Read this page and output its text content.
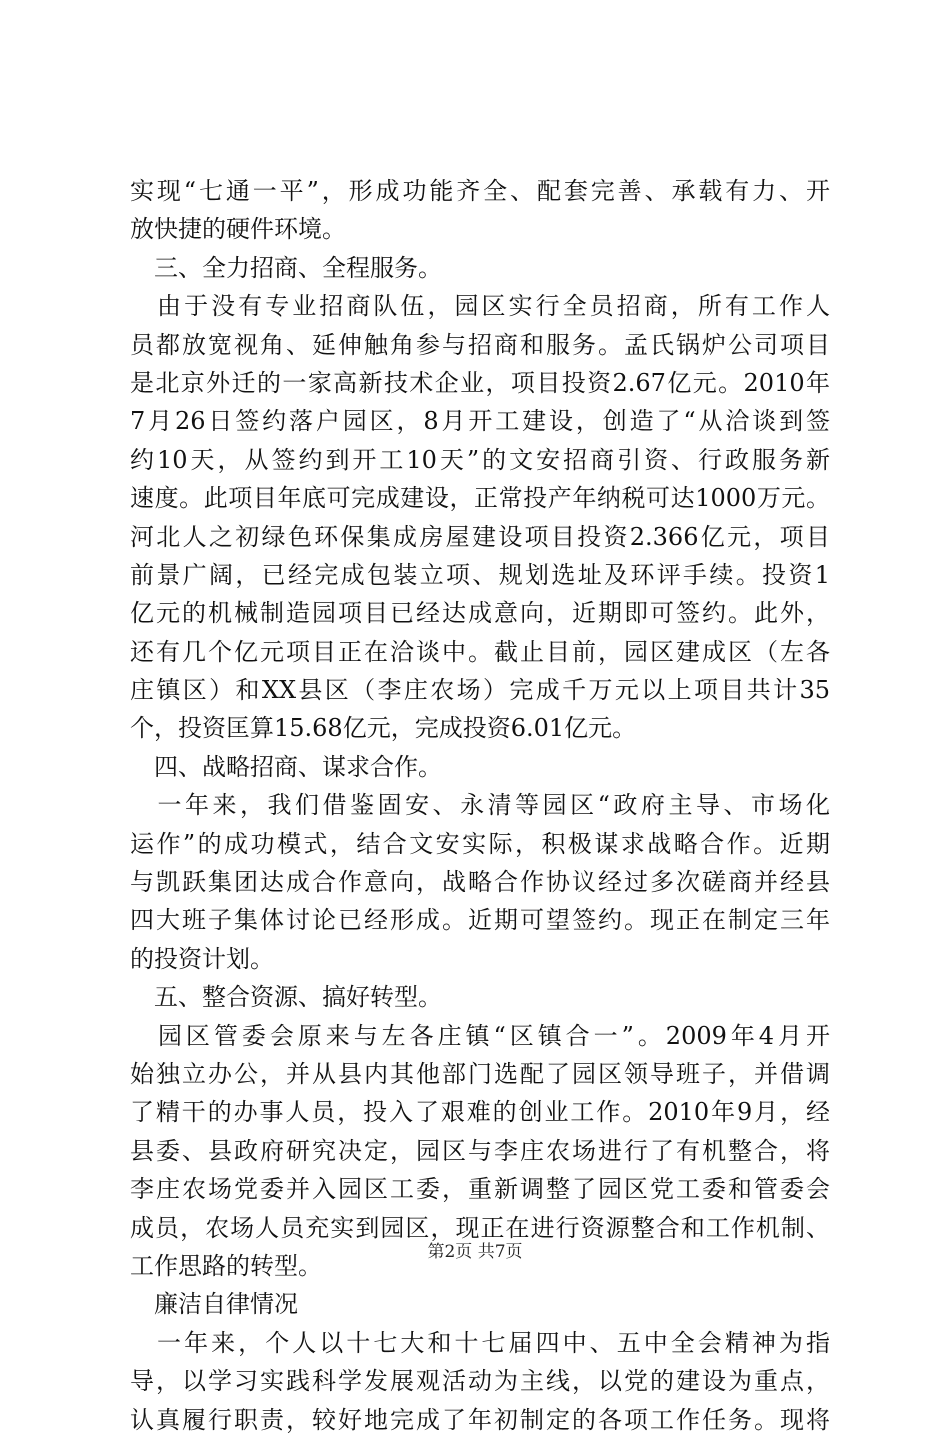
实现“七通一平”，形成功能齐全、配套完善、承载有力、开
放快捷的硬件环境。
　三、全力招商、全程服务。
　由于没有专业招商队伍，园区实行全员招商，所有工作人
员都放宽视角、延伸触角参与招商和服务。孟氏锅炉公司项目
是北京外迁的一家高新技术企业，项目投资2.67亿元。2010年
7月26日签约落户园区，8月开工建设，创造了“从洽谈到签
约10天，从签约到开工10天”的文安招商引资、行政服务新
速度。此项目年底可完成建设，正常投产年纳税可达1000万元。
河北人之初绿色环保集成房屋建设项目投资2.366亿元，项目
前景广阔，已经完成包装立项、规划选址及环评手续。投资1
亿元的机械制造园项目已经达成意向，近期即可签约。此外，
还有几个亿元项目正在洽谈中。截止目前，园区建成区（左各
庄镇区）和XX县区（李庄农场）完成千万元以上项目共计35
个，投资匡算15.68亿元，完成投资6.01亿元。
　四、战略招商、谋求合作。
　一年来，我们借鉴固安、永清等园区“政府主导、市场化
运作”的成功模式，结合文安实际，积极谋求战略合作。近期
与凯跃集团达成合作意向，战略合作协议经过多次磋商并经县
四大班子集体讨论已经形成。近期可望签约。现正在制定三年
的投资计划。
　五、整合资源、搞好转型。
　园区管委会原来与左各庄镇“区镇合一”。2009年4月开
始独立办公，并从县内其他部门选配了园区领导班子，并借调
了精干的办事人员，投入了艰难的创业工作。2010年9月，经
县委、县政府研究决定，园区与李庄农场进行了有机整合，将
李庄农场党委并入园区工委，重新调整了园区党工委和管委会
成员，农场人员充实到园区，现正在进行资源整合和工作机制、
工作思路的转型。
　廉洁自律情况
　一年来，个人以十七大和十七届四中、五中全会精神为指
导，以学习实践科学发展观活动为主线，以党的建设为重点，
认真履行职责，较好地完成了年初制定的各项工作任务。现将
第2页 共7页
